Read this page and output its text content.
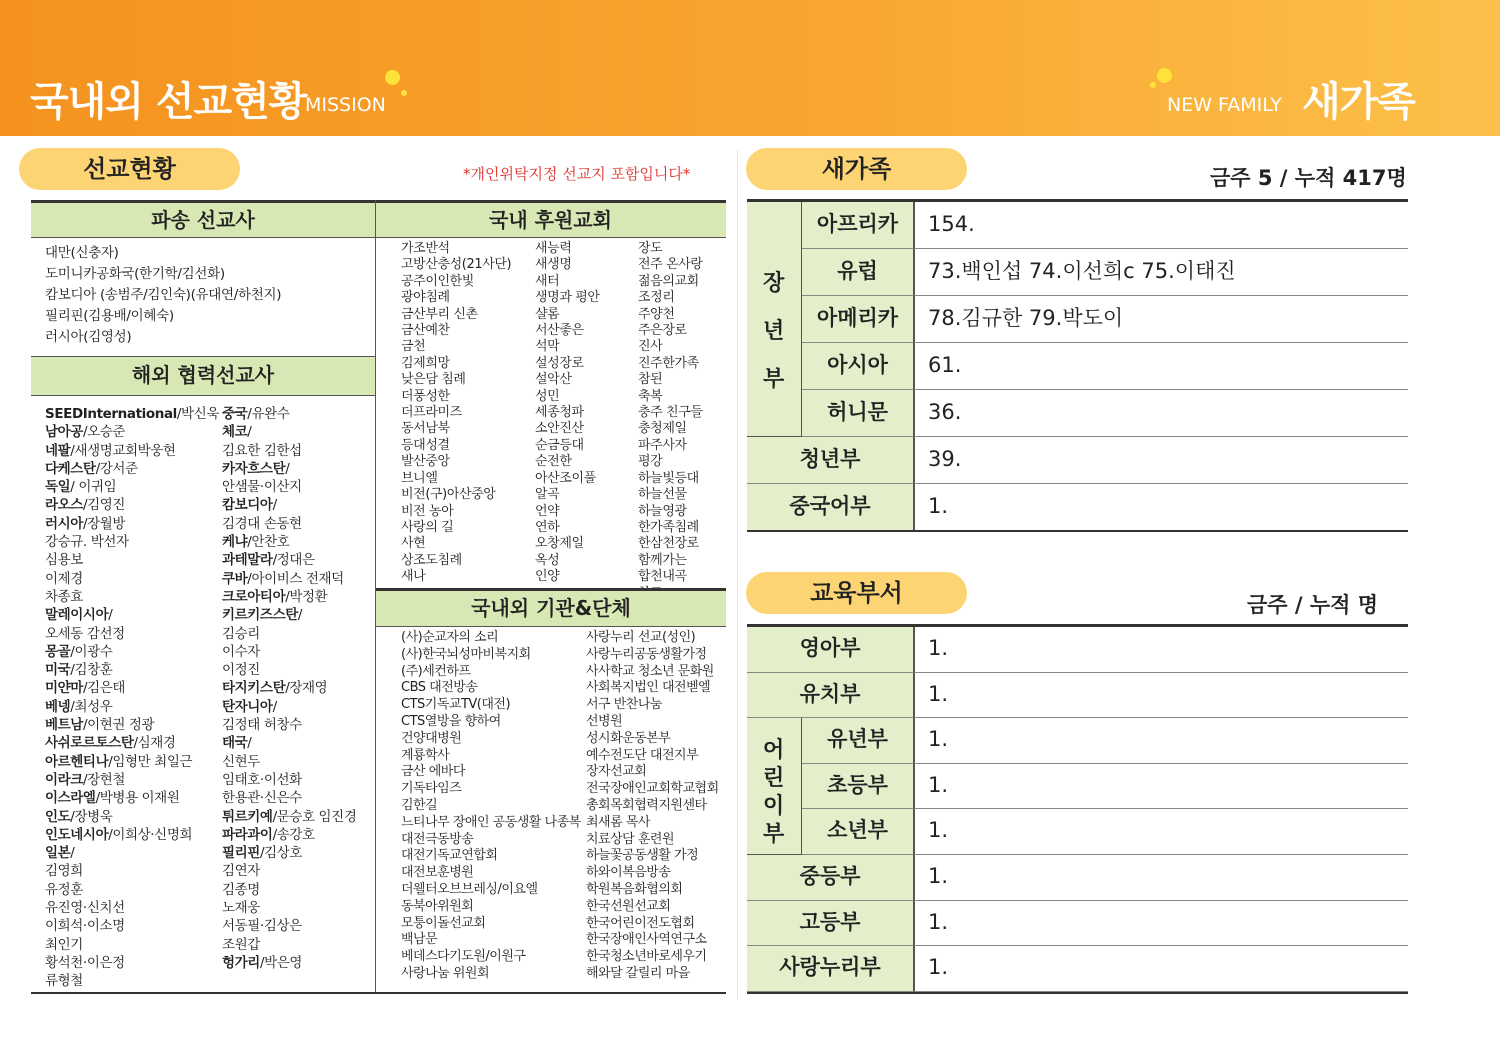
국내외 선교현황
MISSION	NEW FAMILY 새가족
선교현황	*개인위탁지정 선교지 포함입니다*
파송 선교사	국내 후원교회
대만(신충자)
도미니카공화국(한기학/김선화)
캄보디아 (송범주/김인숙)(유대연/하천지)
필리핀(김용배/이혜숙)
러시아(김영성)
해외 협력선교사
SEEDInternational/박신욱
남아공/오승준
네팔/새생명교회박웅현
다케스탄/강서준
독일/ 이귀임
라오스/김영진
러시아/장월방
강승규. 박선자
심용보
이제경
차종효
말레이시아/
오세동 감선정
몽골/이광수
미국/김창훈
미얀마/김은태
베넹/최성우
베트남/이현권 정광
사쉬로르토스탄/심재경
아르헨티나/임형만 최일근
이라크/장현철
이스라엘/박병용 이재원
인도/장병욱
인도네시아/이희상·신명희
일본/
김영희
유정훈
유진영·신치선
이희석·이소명
최인기
황석천·이은정
류형철
중국/유완수
체코/
김요한 김한섭
카자흐스탄/
안샘물·이산지
캄보디아/
김경대 손동현
케냐/안찬호
과테말라/정대은
쿠바/아이비스 전재덕
크로아티아/박정환
키르키즈스탄/
김승리
이수자
이정진
타지키스탄/장재영
탄자니아/
김정태 허창수
태국/
신현두
임태호·이선화
한용관·신은수
튀르키예/문승호 임진경
파라과이/송강호
필리핀/김상호
김연자
김종명
노재웅
서동필·김상은
조원갑
헝가리/박은영
가조반석
고방산충성(21사단)
공주이인한빛
광야침례
금산부리 신촌
금산예찬
금천
김제희망
낮은담 침례
더풍성한
더프라미즈
동서남북
등대성결
발산중앙
브니엘
비전(구)아산중앙
비전 농아
사랑의 길
사현
상조도침례
새나
새능력
새생명
새터
생명과 평안
샬롬
서산좋은
석막
설성장로
설악산
성민
세종청파
소안진산
순금등대
순전한
아산조이풀
알곡
언약
연하
오창제일
옥성
인양
장도
전주 온사랑
젊음의교회
조정리
주양천
주은장로
진사
진주한가족
참된
축복
충주 친구들
충청제일
파주사자
평강
하늘빛등대
하늘선물
하늘영광
한가족침례
한삼천장로
함께가는
합천내곡
국내외 기관&단체
(사)순교자의 소리
(사)한국뇌성마비복지회
(주)세컨하프
CBS 대전방송
CTS기독교TV(대전)
CTS열방을 향하여
건양대병원
계룡학사
금산 에바다
기독타임즈
김한길
느티나무 장애인 공동생활 나종복
대전극동방송
대전기독교연합회
대전보훈병원
더웰터오브브레싱/이요엘
동북아위원회
모퉁이돌선교회
백남문
베데스다기도원/이원구
사랑나눔 위원회
사랑누리 선교(성인)
사랑누리공동생활가정
사사학교 청소년 문화원
사회복지법인 대전벧엘
서구 반찬나눔
선병원
성시화운동본부
예수전도단 대전지부
장자선교회
전국장애인교회학교협회
총회목회협력지원센타
최새롬 목사
치료상담 훈련원
하늘꽃공동생활 가정
하와이복음방송
학원복음화협의회
한국선원선교회
한국어린이전도협회
한국장애인사역연구소
한국청소년바로세우기
해와달 갈릴리 마을
새가족	금주 5 / 누적 417명
장
년
부
아프리카	154.
유럽	73.백인섭 74.이선희c 75.이태진
아메리카	78.김규한 79.박도이
아시아	61.
허니문	36.
청년부	39.
중국어부	1.
교육부서	금주 / 누적 명
어
린
이
부
영아부	1.
유치부	1.
유년부	1.
초등부	1.
소년부	1.
중등부	1.
고등부	1.
사랑누리부	1.
